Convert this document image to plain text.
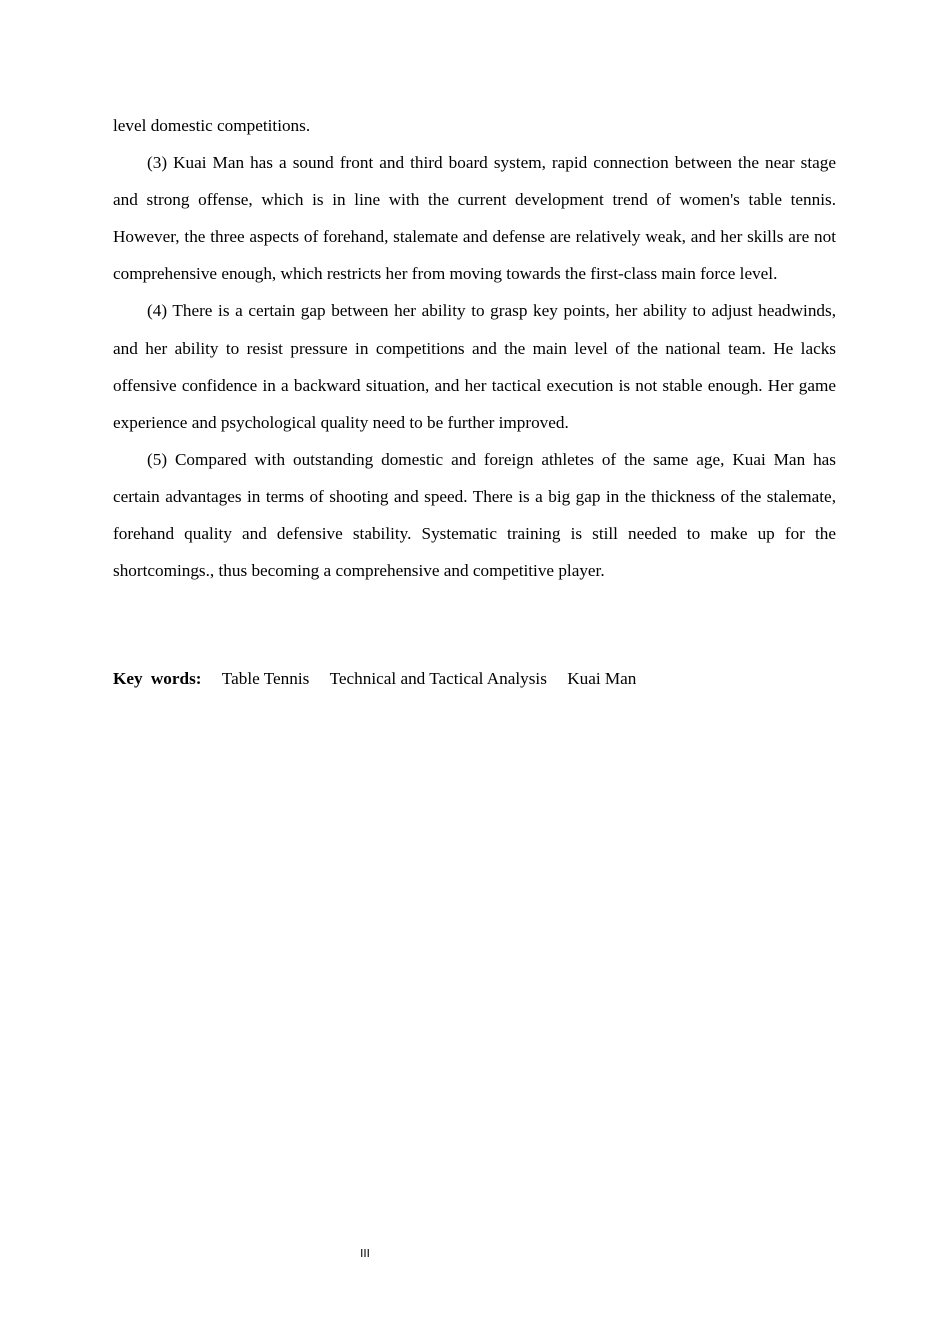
level domestic competitions.

(3) Kuai Man has a sound front and third board system, rapid connection between the near stage and strong offense, which is in line with the current development trend of women's table tennis. However, the three aspects of forehand, stalemate and defense are relatively weak, and her skills are not comprehensive enough, which restricts her from moving towards the first-class main force level.

(4) There is a certain gap between her ability to grasp key points, her ability to adjust headwinds, and her ability to resist pressure in competitions and the main level of the national team. He lacks offensive confidence in a backward situation, and her tactical execution is not stable enough. Her game experience and psychological quality need to be further improved.

(5) Compared with outstanding domestic and foreign athletes of the same age, Kuai Man has certain advantages in terms of shooting and speed. There is a big gap in the thickness of the stalemate, forehand quality and defensive stability. Systematic training is still needed to make up for the shortcomings., thus becoming a comprehensive and competitive player.

Key words: Table Tennis Technical and Tactical Analysis Kuai Man
III
